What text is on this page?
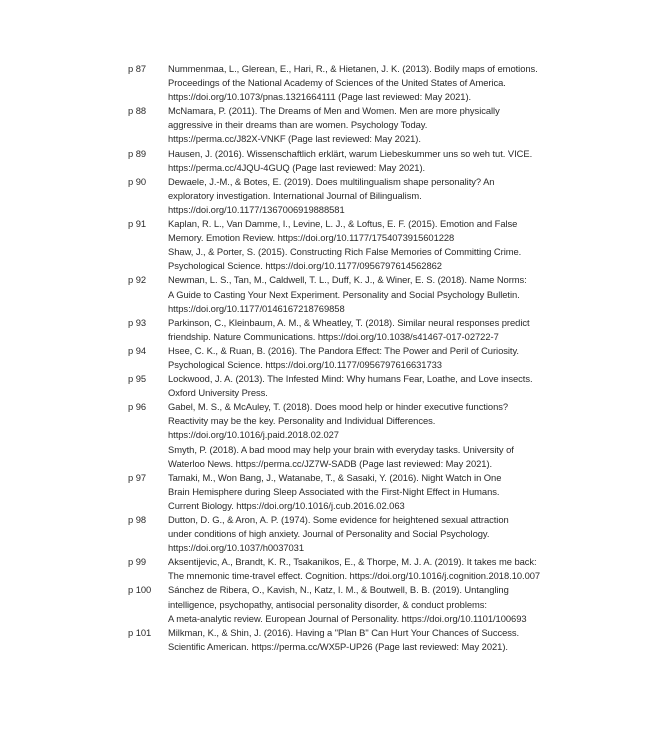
p 87	Nummenmaa, L., Glerean, E., Hari, R., & Hietanen, J. K. (2013). Bodily maps of emotions.
Proceedings of the National Academy of Sciences of the United States of America.
https://doi.org/10.1073/pnas.1321664111 (Page last reviewed: May 2021).
p 88	McNamara, P. (2011). The Dreams of Men and Women. Men are more physically
aggressive in their dreams than are women. Psychology Today.
https://perma.cc/J82X-VNKF (Page last reviewed: May 2021).
p 89	Hausen, J. (2016). Wissenschaftlich erklärt, warum Liebeskummer uns so weh tut. VICE.
https://perma.cc/4JQU-4GUQ (Page last reviewed: May 2021).
p 90	Dewaele, J.-M., & Botes, E. (2019). Does multilingualism shape personality? An
exploratory investigation. International Journal of Bilingualism.
https://doi.org/10.1177/1367006919888581
p 91	Kaplan, R. L., Van Damme, I., Levine, L. J., & Loftus, E. F. (2015). Emotion and False
Memory. Emotion Review. https://doi.org/10.1177/1754073915601228
Shaw, J., & Porter, S. (2015). Constructing Rich False Memories of Committing Crime.
Psychological Science. https://doi.org/10.1177/0956797614562862
p 92	Newman, L. S., Tan, M., Caldwell, T. L., Duff, K. J., & Winer, E. S. (2018). Name Norms:
A Guide to Casting Your Next Experiment. Personality and Social Psychology Bulletin.
https://doi.org/10.1177/0146167218769858
p 93	Parkinson, C., Kleinbaum, A. M., & Wheatley, T. (2018). Similar neural responses predict
friendship. Nature Communications. https://doi.org/10.1038/s41467-017-02722-7
p 94	Hsee, C. K., & Ruan, B. (2016). The Pandora Effect: The Power and Peril of Curiosity.
Psychological Science. https://doi.org/10.1177/0956797616631733
p 95	Lockwood, J. A. (2013). The Infested Mind: Why humans Fear, Loathe, and Love insects.
Oxford University Press.
p 96	Gabel, M. S., & McAuley, T. (2018). Does mood help or hinder executive functions?
Reactivity may be the key. Personality and Individual Differences.
https://doi.org/10.1016/j.paid.2018.02.027
Smyth, P. (2018). A bad mood may help your brain with everyday tasks. University of
Waterloo News. https://perma.cc/JZ7W-SADB (Page last reviewed: May 2021).
p 97	Tamaki, M., Won Bang, J., Watanabe, T., & Sasaki, Y. (2016). Night Watch in One
Brain Hemisphere during Sleep Associated with the First-Night Effect in Humans.
Current Biology. https://doi.org/10.1016/j.cub.2016.02.063
p 98	Dutton, D. G., & Aron, A. P. (1974). Some evidence for heightened sexual attraction
under conditions of high anxiety. Journal of Personality and Social Psychology.
https://doi.org/10.1037/h0037031
p 99	Aksentijevic, A., Brandt, K. R., Tsakanikos, E., & Thorpe, M. J. A. (2019). It takes me back:
The mnemonic time-travel effect. Cognition. https://doi.org/10.1016/j.cognition.2018.10.007
p 100	Sánchez de Ribera, O., Kavish, N., Katz, I. M., & Boutwell, B. B. (2019). Untangling
intelligence, psychopathy, antisocial personality disorder, & conduct problems:
A meta-analytic review. European Journal of Personality. https://doi.org/10.1101/100693
p 101	Milkman, K., & Shin, J. (2016). Having a "Plan B" Can Hurt Your Chances of Success.
Scientific American. https://perma.cc/WX5P-UP26 (Page last reviewed: May 2021).
